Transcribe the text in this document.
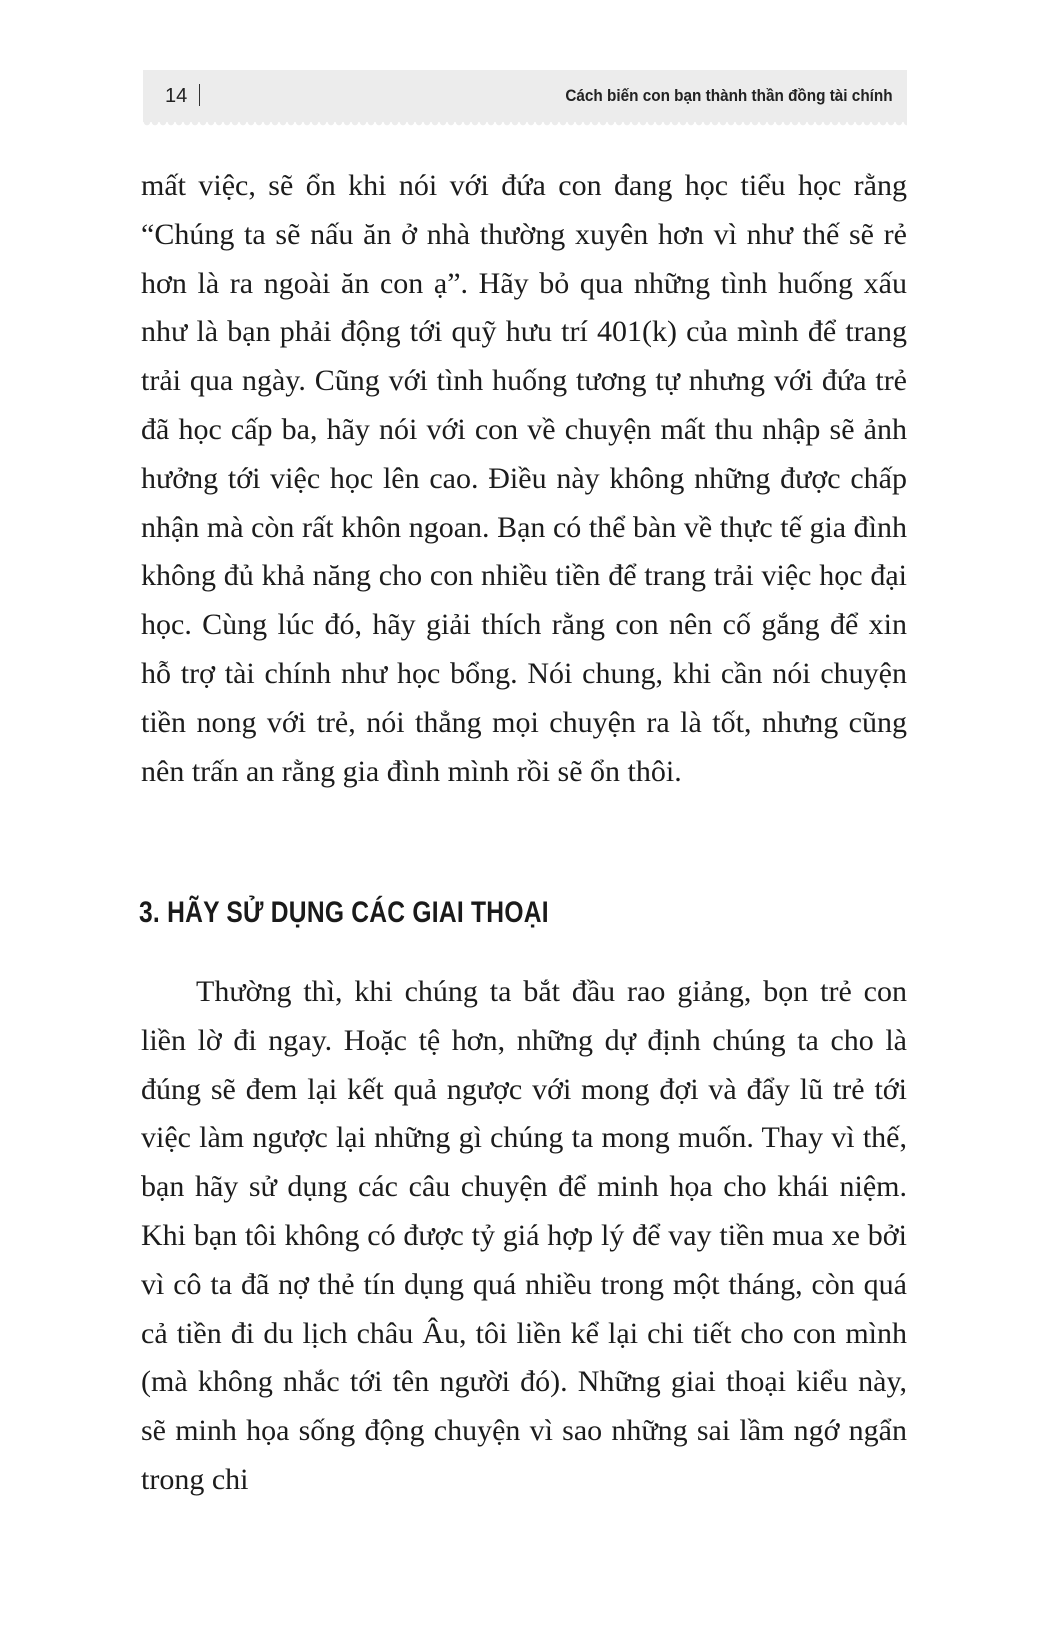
14	Cách biến con bạn thành thần đồng tài chính

mất việc, sẽ ổn khi nói với đứa con đang học tiểu học rằng “Chúng ta sẽ nấu ăn ở nhà thường xuyên hơn vì như thế sẽ rẻ hơn là ra ngoài ăn con ạ”. Hãy bỏ qua những tình huống xấu như là bạn phải động tới quỹ hưu trí 401(k) của mình để trang trải qua ngày. Cũng với tình huống tương tự nhưng với đứa trẻ đã học cấp ba, hãy nói với con về chuyện mất thu nhập sẽ ảnh hưởng tới việc học lên cao. Điều này không những được chấp nhận mà còn rất khôn ngoan. Bạn có thể bàn về thực tế gia đình không đủ khả năng cho con nhiều tiền để trang trải việc học đại học. Cùng lúc đó, hãy giải thích rằng con nên cố gắng để xin hỗ trợ tài chính như học bổng. Nói chung, khi cần nói chuyện tiền nong với trẻ, nói thẳng mọi chuyện ra là tốt, nhưng cũng nên trấn an rằng gia đình mình rồi sẽ ổn thôi.

3. HÃY SỬ DỤNG CÁC GIAI THOẠI

Thường thì, khi chúng ta bắt đầu rao giảng, bọn trẻ con liền lờ đi ngay. Hoặc tệ hơn, những dự định chúng ta cho là đúng sẽ đem lại kết quả ngược với mong đợi và đẩy lũ trẻ tới việc làm ngược lại những gì chúng ta mong muốn. Thay vì thế, bạn hãy sử dụng các câu chuyện để minh họa cho khái niệm. Khi bạn tôi không có được tỷ giá hợp lý để vay tiền mua xe bởi vì cô ta đã nợ thẻ tín dụng quá nhiều trong một tháng, còn quá cả tiền đi du lịch châu Âu, tôi liền kể lại chi tiết cho con mình (mà không nhắc tới tên người đó). Những giai thoại kiểu này, sẽ minh họa sống động chuyện vì sao những sai lầm ngớ ngẩn trong chi
